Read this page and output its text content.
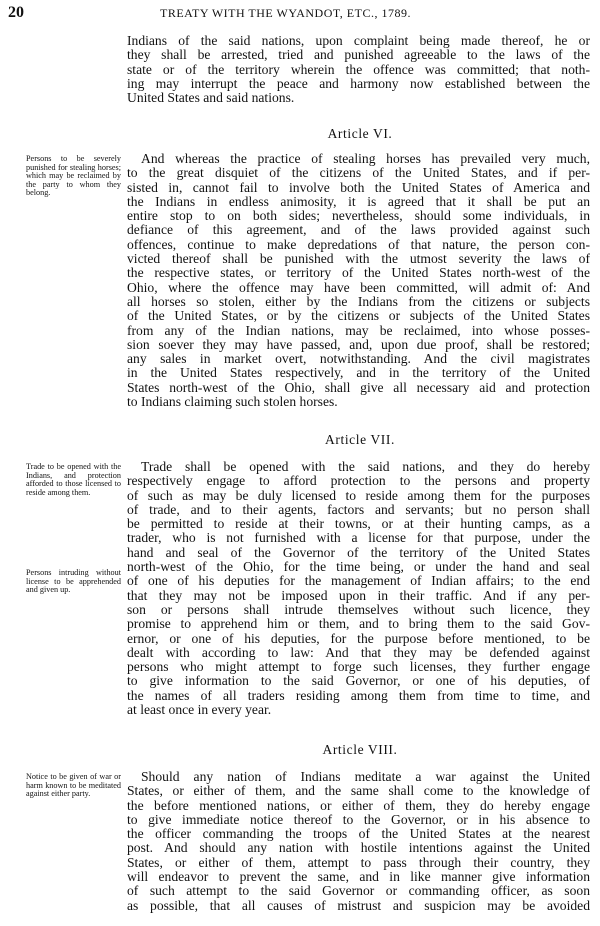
20	TREATY WITH THE WYANDOT, ETC., 1789.
Indians of the said nations, upon complaint being made thereof, he or
they shall be arrested, tried and punished agreeable to the laws of the
state or of the territory wherein the offence was committed; that noth-
ing may interrupt the peace and harmony now established between the
United States and said nations.
Article VI.
Persons to be severely punished for stealing horses; which may be reclaimed by the party to whom they belong.
And whereas the practice of stealing horses has prevailed very much,
to the great disquiet of the citizens of the United States, and if per-
sisted in, cannot fail to involve both the United States of America and
the Indians in endless animosity, it is agreed that it shall be put an
entire stop to on both sides; nevertheless, should some individuals, in
defiance of this agreement, and of the laws provided against such
offences, continue to make depredations of that nature, the person con-
victed thereof shall be punished with the utmost severity the laws of
the respective states, or territory of the United States north-west of the
Ohio, where the offence may have been committed, will admit of: And
all horses so stolen, either by the Indians from the citizens or subjects
of the United States, or by the citizens or subjects of the United States
from any of the Indian nations, may be reclaimed, into whose posses-
sion soever they may have passed, and, upon due proof, shall be restored;
any sales in market overt, notwithstanding. And the civil magistrates
in the United States respectively, and in the territory of the United
States north-west of the Ohio, shall give all necessary aid and protection
to Indians claiming such stolen horses.
Article VII.
Trade to be opened with the Indians, and protection afforded to those licensed to reside among them.
Persons intruding without license to be apprehended and given up.
Trade shall be opened with the said nations, and they do hereby
respectively engage to afford protection to the persons and property
of such as may be duly licensed to reside among them for the purposes
of trade, and to their agents, factors and servants; but no person shall
be permitted to reside at their towns, or at their hunting camps, as a
trader, who is not furnished with a license for that purpose, under the
hand and seal of the Governor of the territory of the United States
north-west of the Ohio, for the time being, or under the hand and seal
of one of his deputies for the management of Indian affairs; to the end
that they may not be imposed upon in their traffic. And if any per-
son or persons shall intrude themselves without such licence, they
promise to apprehend him or them, and to bring them to the said Gov-
ernor, or one of his deputies, for the purpose before mentioned, to be
dealt with according to law: And that they may be defended against
persons who might attempt to forge such licenses, they further engage
to give information to the said Governor, or one of his deputies, of
the names of all traders residing among them from time to time, and
at least once in every year.
Article VIII.
Notice to be given of war or harm known to be meditated against either party.
Should any nation of Indians meditate a war against the United
States, or either of them, and the same shall come to the knowledge of
the before mentioned nations, or either of them, they do hereby engage
to give immediate notice thereof to the Governor, or in his absence to
the officer commanding the troops of the United States at the nearest
post. And should any nation with hostile intentions against the United
States, or either of them, attempt to pass through their country, they
will endeavor to prevent the same, and in like manner give information
of such attempt to the said Governor or commanding officer, as soon
as possible, that all causes of mistrust and suspicion may be avoided
